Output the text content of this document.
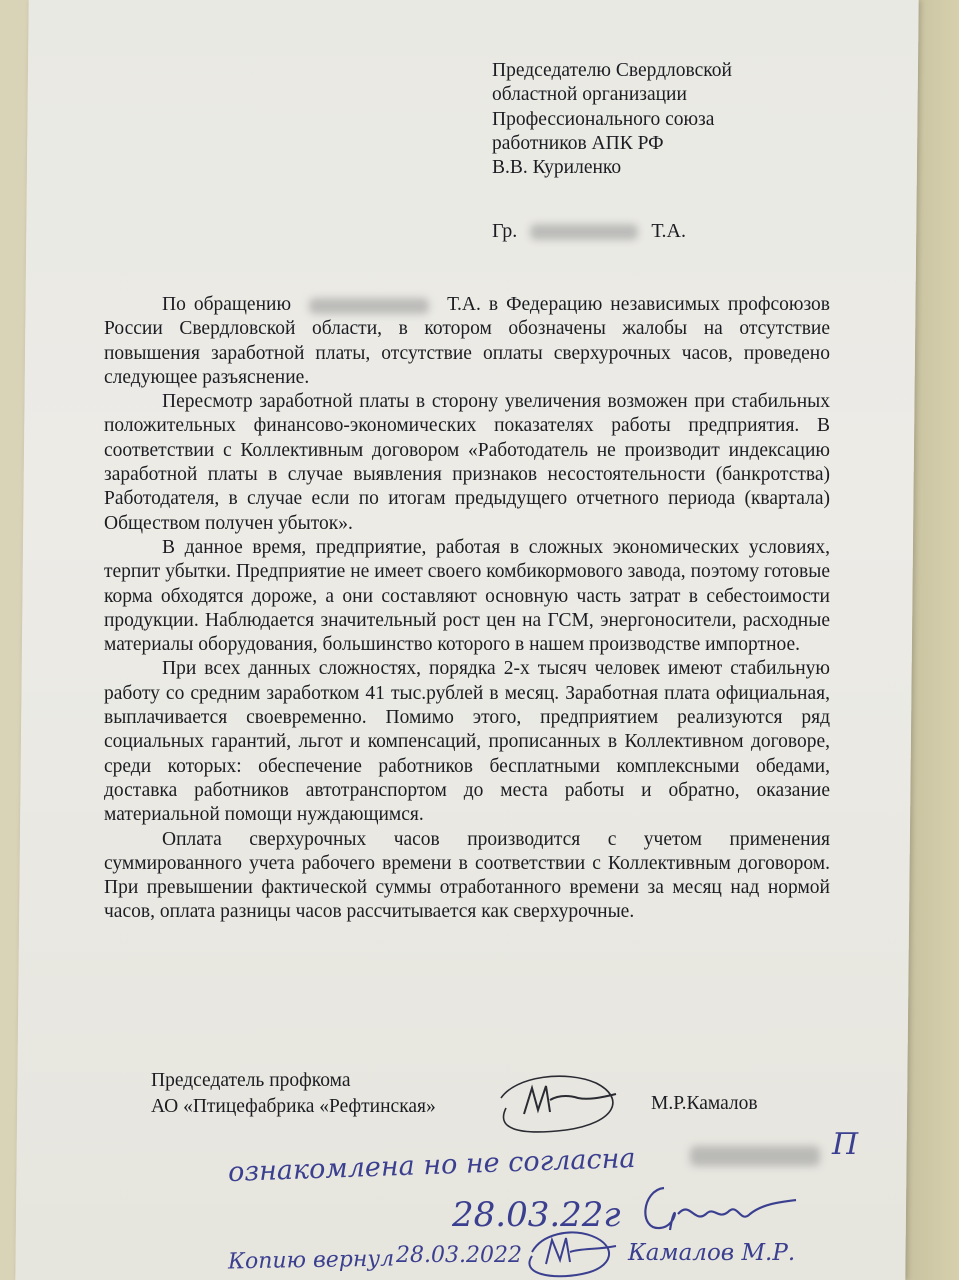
Председателю Свердловской
областной организации
Профессионального союза
работников АПК РФ
В.В. Куриленко
Гр.	Т.А.

По обращению	Т.А. в Федерацию независимых профсоюзов России Свердловской области, в котором обозначены жалобы на отсутствие повышения заработной платы, отсутствие оплаты сверхурочных часов, проведено следующее разъяснение.

Пересмотр заработной платы в сторону увеличения возможен при стабильных положительных финансово-экономических показателях работы предприятия. В соответствии с Коллективным договором «Работодатель не производит индексацию заработной платы в случае выявления признаков несостоятельности (банкротства) Работодателя, в случае если по итогам предыдущего отчетного периода (квартала) Обществом получен убыток».

В данное время, предприятие, работая в сложных экономических условиях, терпит убытки. Предприятие не имеет своего комбикормового завода, поэтому готовые корма обходятся дороже, а они составляют основную часть затрат в себестоимости продукции. Наблюдается значительный рост цен на ГСМ, энергоносители, расходные материалы оборудования, большинство которого в нашем производстве импортное.

При всех данных сложностях, порядка 2-х тысяч человек имеют стабильную работу со средним заработком 41 тыс.рублей в месяц. Заработная плата официальная, выплачивается своевременно. Помимо этого, предприятием реализуются ряд социальных гарантий, льгот и компенсаций, прописанных в Коллективном договоре, среди которых: обеспечение работников бесплатными комплексными обедами, доставка работников автотранспортом до места работы и обратно, оказание материальной помощи нуждающимся.

Оплата сверхурочных часов производится с учетом применения суммированного учета рабочего времени в соответствии с Коллективным договором. При превышении фактической суммы отработанного времени за месяц над нормой часов, оплата разницы часов рассчитывается как сверхурочные.

Председатель профкома
АО «Птицефабрика «Рефтинская»	М.Р.Камалов
ознакомлена но не согласна	П
28.03.22г
Копию вернул 28.03.2022	Камалов М.Р.
